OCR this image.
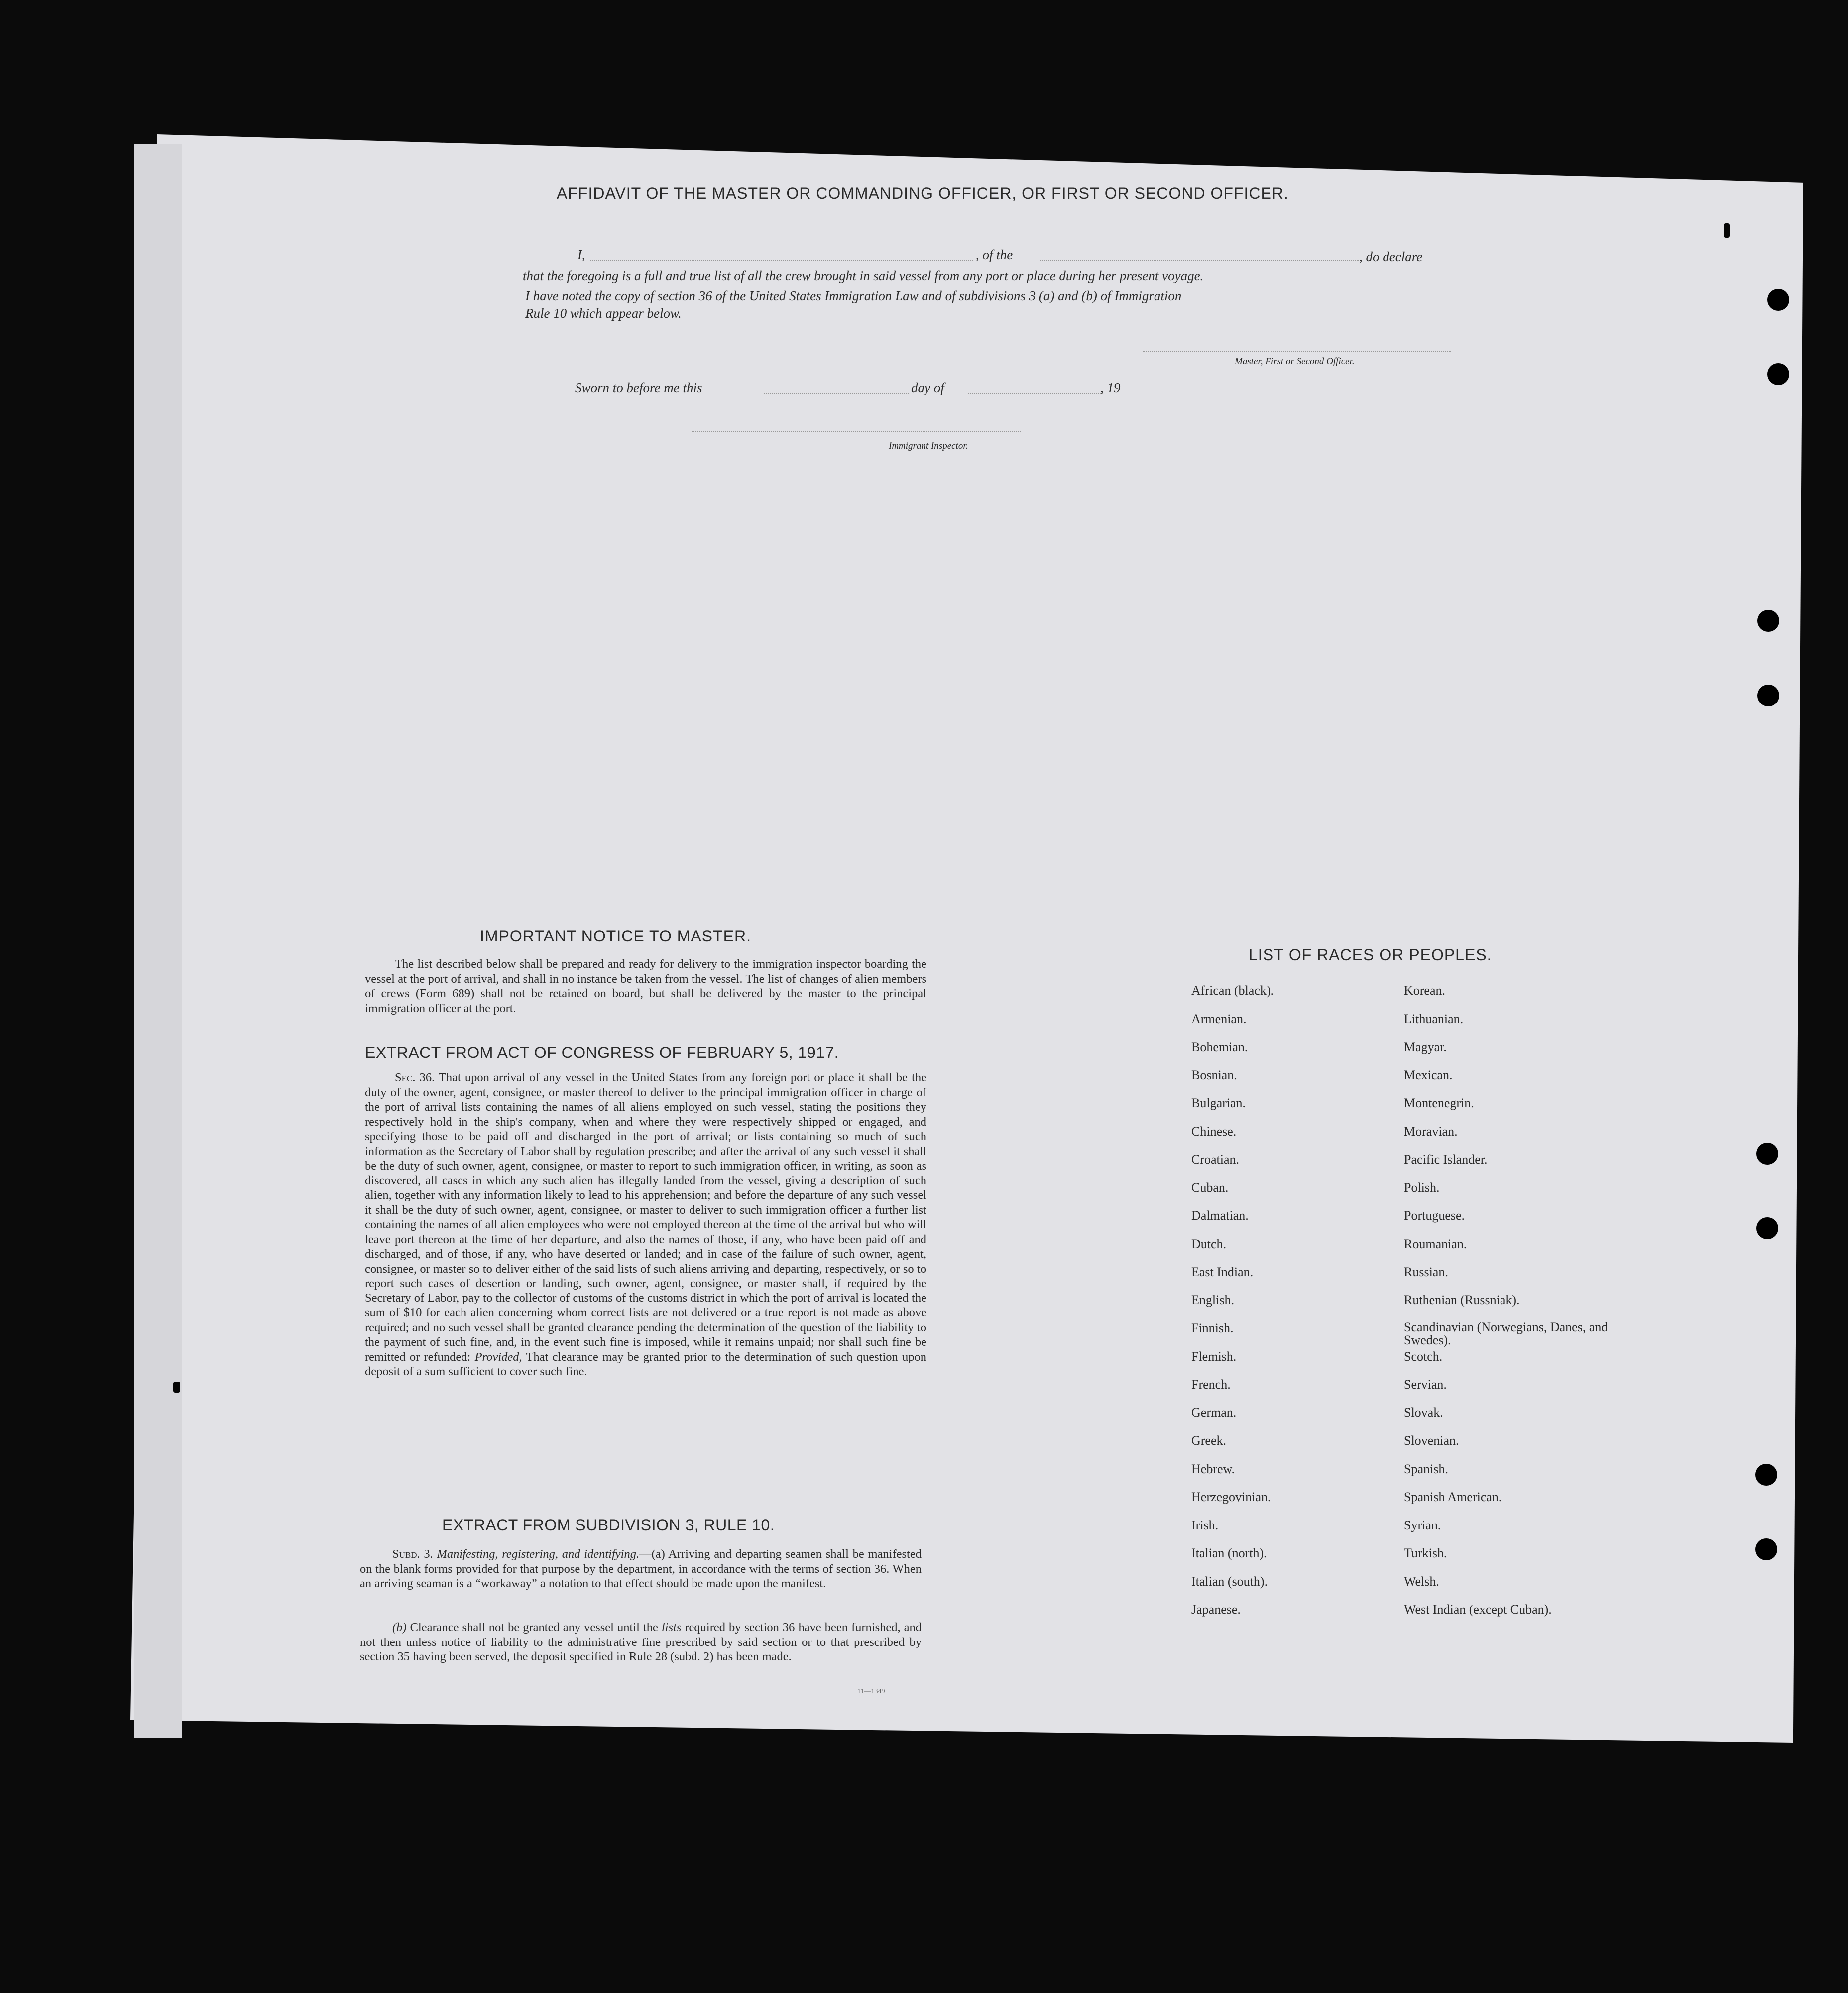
AFFIDAVIT OF THE MASTER OR COMMANDING OFFICER, OR FIRST OR SECOND OFFICER.
I,	, of the	, do declare
that the foregoing is a full and true list of all the crew brought in said vessel from any port or place during her present voyage.
I have noted the copy of section 36 of the United States Immigration Law and of subdivisions 3 (a) and (b) of Immigration
Rule 10 which appear below.
Master, First or Second Officer.
Sworn to before me this	day of	, 19
Immigrant Inspector.
IMPORTANT NOTICE TO MASTER.
The list described below shall be prepared and ready for delivery to the immigration inspector boarding the vessel at the port of arrival, and shall in no instance be taken from the vessel. The list of changes of alien members of crews (Form 689) shall not be retained on board, but shall be delivered by the master to the principal immigration officer at the port.
EXTRACT FROM ACT OF CONGRESS OF FEBRUARY 5, 1917.
Sec. 36. That upon arrival of any vessel in the United States from any foreign port or place it shall be the duty of the owner, agent, consignee, or master thereof to deliver to the principal immigration officer in charge of the port of arrival lists containing the names of all aliens employed on such vessel, stating the positions they respectively hold in the ship's company, when and where they were respectively shipped or engaged, and specifying those to be paid off and discharged in the port of arrival; or lists containing so much of such information as the Secretary of Labor shall by regulation prescribe; and after the arrival of any such vessel it shall be the duty of such owner, agent, consignee, or master to report to such immigration officer, in writing, as soon as discovered, all cases in which any such alien has illegally landed from the vessel, giving a description of such alien, together with any information likely to lead to his apprehension; and before the departure of any such vessel it shall be the duty of such owner, agent, consignee, or master to deliver to such immigration officer a further list containing the names of all alien employees who were not employed thereon at the time of the arrival but who will leave port thereon at the time of her departure, and also the names of those, if any, who have been paid off and discharged, and of those, if any, who have deserted or landed; and in case of the failure of such owner, agent, consignee, or master so to deliver either of the said lists of such aliens arriving and departing, respectively, or so to report such cases of desertion or landing, such owner, agent, consignee, or master shall, if required by the Secretary of Labor, pay to the collector of customs of the customs district in which the port of arrival is located the sum of $10 for each alien concerning whom correct lists are not delivered or a true report is not made as above required; and no such vessel shall be granted clearance pending the determination of the question of the liability to the payment of such fine, and, in the event such fine is imposed, while it remains unpaid; nor shall such fine be remitted or refunded: Provided, That clearance may be granted prior to the determination of such question upon deposit of a sum sufficient to cover such fine.
EXTRACT FROM SUBDIVISION 3, RULE 10.
Subd. 3. Manifesting, registering, and identifying.—(a) Arriving and departing seamen shall be manifested on the blank forms provided for that purpose by the department, in accordance with the terms of section 36. When an arriving seaman is a “workaway” a notation to that effect should be made upon the manifest.
(b) Clearance shall not be granted any vessel until the lists required by section 36 have been furnished, and not then unless notice of liability to the administrative fine prescribed by said section or to that prescribed by section 35 having been served, the deposit specified in Rule 28 (subd. 2) has been made.
11—1349
LIST OF RACES OR PEOPLES.
African (black).
Armenian.
Bohemian.
Bosnian.
Bulgarian.
Chinese.
Croatian.
Cuban.
Dalmatian.
Dutch.
East Indian.
English.
Finnish.
Flemish.
French.
German.
Greek.
Hebrew.
Herzegovinian.
Irish.
Italian (north).
Italian (south).
Japanese.
Korean.
Lithuanian.
Magyar.
Mexican.
Montenegrin.
Moravian.
Pacific Islander.
Polish.
Portuguese.
Roumanian.
Russian.
Ruthenian (Russniak).
Scandinavian (Norwegians, Danes, and Swedes).
Scotch.
Servian.
Slovak.
Slovenian.
Spanish.
Spanish American.
Syrian.
Turkish.
Welsh.
West Indian (except Cuban).
